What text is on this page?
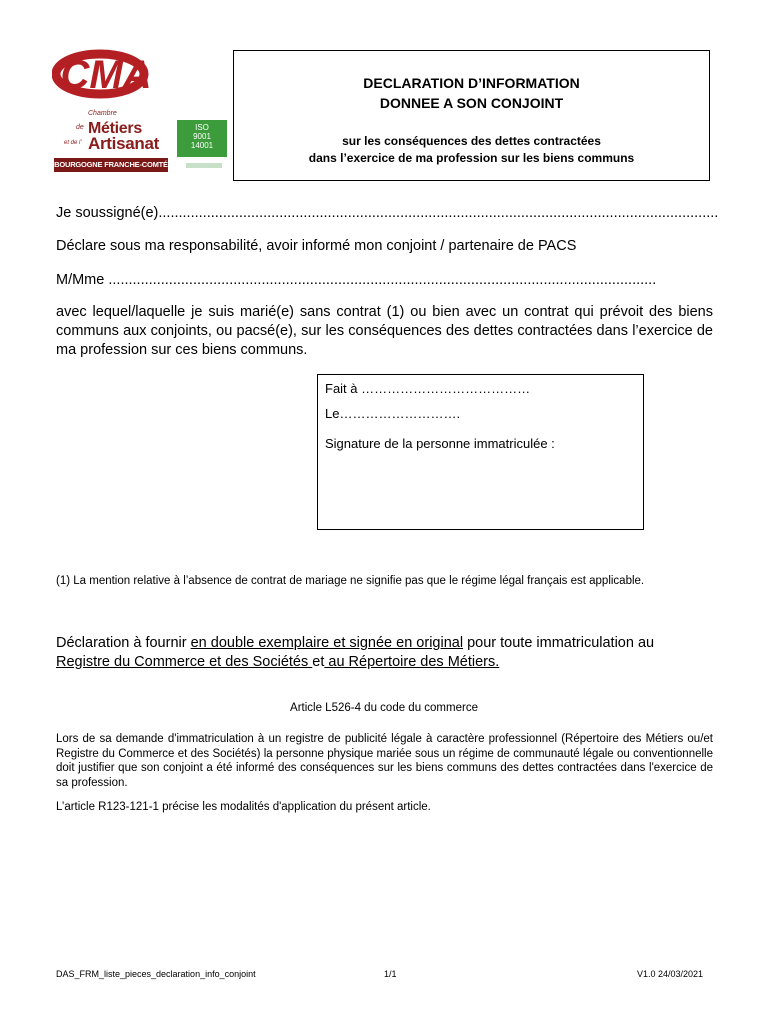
CMA
Chambre
de Métiers
et de l’ Artisanat
BOURGOGNE FRANCHE-COMTÉ
ISO
9001
14001
DECLARATION D’INFORMATION
DONNEE A SON CONJOINT
sur les conséquences des dettes contractées
dans l’exercice de ma profession sur les biens communs
Je soussigné(e)...........................................................................................................................................
Déclare sous ma responsabilité, avoir informé mon conjoint / partenaire de PACS
M/Mme ........................................................................................................................................
avec lequel/laquelle je suis marié(e) sans contrat (1) ou bien avec un contrat qui prévoit des biens communs aux conjoints, ou pacsé(e), sur les conséquences des dettes contractées dans l’exercice de ma profession sur ces biens communs.
Fait à …………………………………
Le……………………….
Signature de la personne immatriculée :
(1) La mention relative à l’absence de contrat de mariage ne signifie pas que le régime légal français est applicable.
Déclaration à fournir en double exemplaire et signée en original pour toute immatriculation au
Registre du Commerce et des Sociétés et au Répertoire des Métiers.
Article L526-4 du code du commerce
Lors de sa demande d'immatriculation à un registre de publicité légale à caractère professionnel (Répertoire des Métiers ou/et Registre du Commerce et des Sociétés) la personne physique mariée sous un régime de communauté légale ou conventionnelle doit justifier que son conjoint a été informé des conséquences sur les biens communs des dettes contractées dans l'exercice de sa profession.
L’article R123-121-1 précise les modalités d'application du présent article.
DAS_FRM_liste_pieces_declaration_info_conjoint	1/1	V1.0 24/03/2021
